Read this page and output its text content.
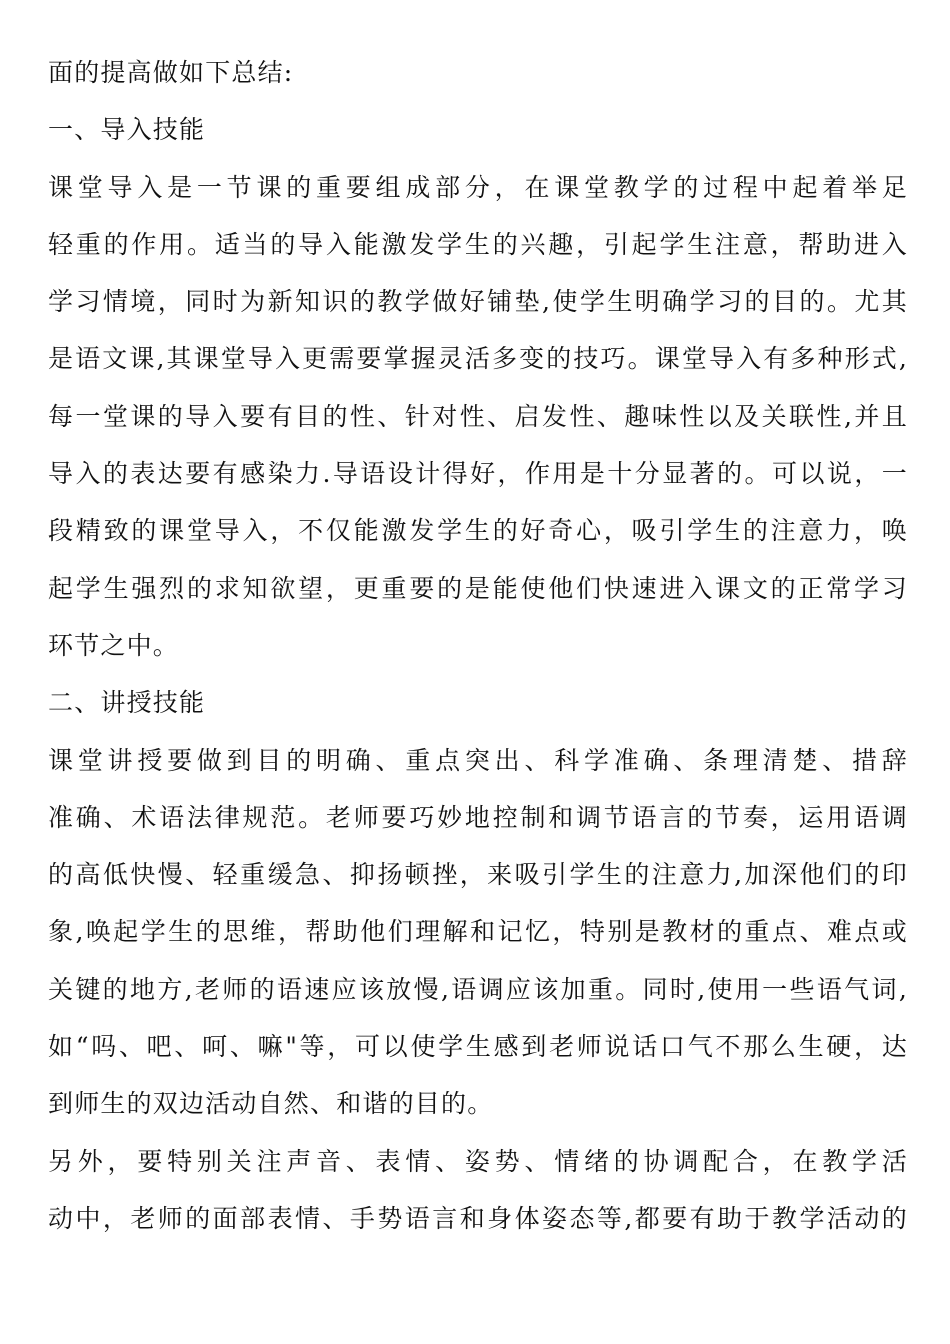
面的提高做如下总结:
一、导入技能
课堂导入是一节课的重要组成部分，在课堂教学的过程中起着举足
轻重的作用。适当的导入能激发学生的兴趣，引起学生注意，帮助进入
学习情境，同时为新知识的教学做好铺垫,使学生明确学习的目的。尤其
是语文课,其课堂导入更需要掌握灵活多变的技巧。课堂导入有多种形式,
每一堂课的导入要有目的性、针对性、启发性、趣味性以及关联性,并且
导入的表达要有感染力.导语设计得好，作用是十分显著的。可以说，一
段精致的课堂导入，不仅能激发学生的好奇心，吸引学生的注意力，唤
起学生强烈的求知欲望，更重要的是能使他们快速进入课文的正常学习
环节之中。
二、讲授技能
课堂讲授要做到目的明确、重点突出、科学准确、条理清楚、措辞
准确、术语法律规范。老师要巧妙地控制和调节语言的节奏，运用语调
的高低快慢、轻重缓急、抑扬顿挫，来吸引学生的注意力,加深他们的印
象,唤起学生的思维，帮助他们理解和记忆，特别是教材的重点、难点或
关键的地方,老师的语速应该放慢,语调应该加重。同时,使用一些语气词,
如“吗、吧、呵、嘛"等，可以使学生感到老师说话口气不那么生硬，达
到师生的双边活动自然、和谐的目的。
另外，要特别关注声音、表情、姿势、情绪的协调配合，在教学活
动中，老师的面部表情、手势语言和身体姿态等,都要有助于教学活动的
